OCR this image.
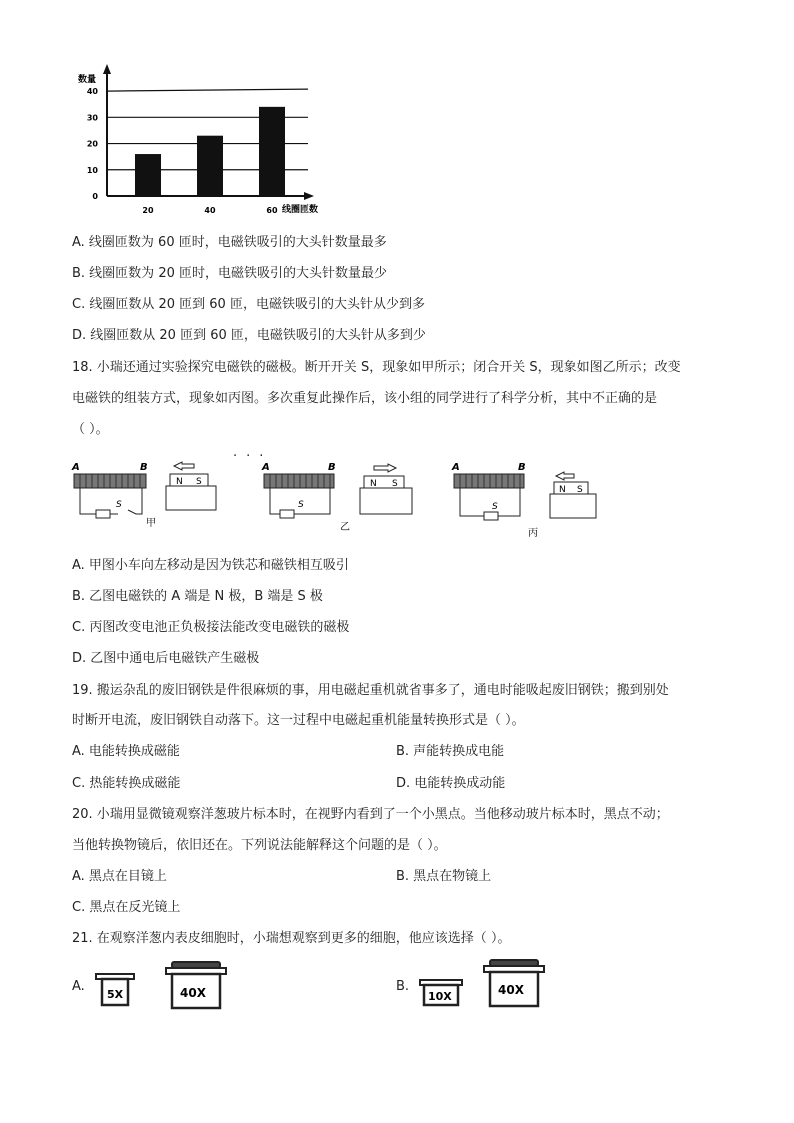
数量
线圈匝数
0
10
20
30
40
20	40	60
A. 线圈匝数为 60 匝时，电磁铁吸引的大头针数量最多
B. 线圈匝数为 20 匝时，电磁铁吸引的大头针数量最少
C. 线圈匝数从 20 匝到 60 匝，电磁铁吸引的大头针从少到多
D. 线圈匝数从 20 匝到 60 匝，电磁铁吸引的大头针从多到少
18. 小瑞还通过实验探究电磁铁的磁极。断开开关 S，现象如甲所示；闭合开关 S，现象如图乙所示；改变
电磁铁的组装方式，现象如丙图。多次重复此操作后，该小组的同学进行了科学分析，其中不正确的是
（ ）。
...
A	B
S
N S
甲
A	B
S
N S
乙
A	B
S
N S
丙
A. 甲图小车向左移动是因为铁芯和磁铁相互吸引
B. 乙图电磁铁的 A 端是 N 极，B 端是 S 极
C. 丙图改变电池正负极接法能改变电磁铁的磁极
D. 乙图中通电后电磁铁产生磁极
19. 搬运杂乱的废旧钢铁是件很麻烦的事，用电磁起重机就省事多了，通电时能吸起废旧钢铁；搬到别处
时断开电流，废旧钢铁自动落下。这一过程中电磁起重机能量转换形式是（ ）。
A. 电能转换成磁能	B. 声能转换成电能
C. 热能转换成磁能	D. 电能转换成动能
20. 小瑞用显微镜观察洋葱玻片标本时，在视野内看到了一个小黑点。当他移动玻片标本时，黑点不动；
当他转换物镜后，依旧还在。下列说法能解释这个问题的是（ ）。
A. 黑点在目镜上	B. 黑点在物镜上
C. 黑点在反光镜上
21. 在观察洋葱内表皮细胞时，小瑞想观察到更多的细胞，他应该选择（ ）。
A.
5X	40X	B.
10X	40X
